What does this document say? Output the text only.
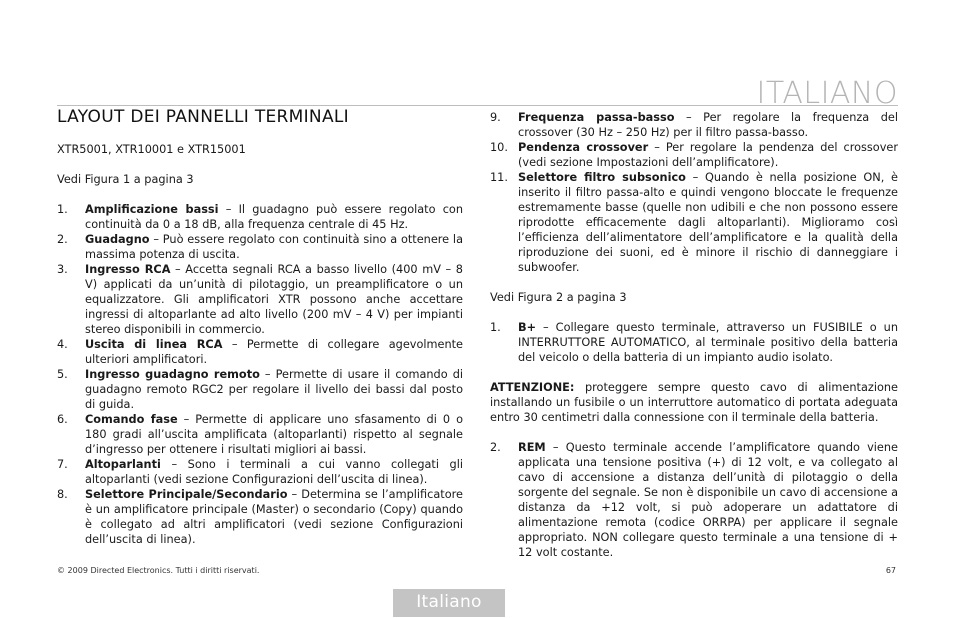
ITALIANO
LAYOUT DEI PANNELLI TERMINALI

XTR5001, XTR10001 e XTR15001

Vedi Figura 1 a pagina 3

1. Amplificazione bassi – Il guadagno può essere regolato con continuità da 0 a 18 dB, alla frequenza centrale di 45 Hz.
2. Guadagno – Può essere regolato con continuità sino a ottenere la massima potenza di uscita.
3. Ingresso RCA – Accetta segnali RCA a basso livello (400 mV – 8 V) applicati da un’unità di pilotaggio, un preamplificatore o un equalizzatore. Gli amplificatori XTR possono anche accettare ingressi di altoparlante ad alto livello (200 mV – 4 V) per impianti stereo disponibili in commercio.
4. Uscita di linea RCA – Permette di collegare agevolmente ulteriori amplificatori.
5. Ingresso guadagno remoto – Permette di usare il comando di guadagno remoto RGC2 per regolare il livello dei bassi dal posto di guida.
6. Comando fase – Permette di applicare uno sfasamento di 0 o 180 gradi all’uscita amplificata (altoparlanti) rispetto al segnale d’ingresso per ottenere i risultati migliori ai bassi.
7. Altoparlanti – Sono i terminali a cui vanno collegati gli altoparlanti (vedi sezione Configurazioni dell’uscita di linea).
8. Selettore Principale/Secondario – Determina se l’amplificatore è un amplificatore principale (Master) o secondario (Copy) quando è collegato ad altri amplificatori (vedi sezione Configurazioni dell’uscita di linea).
9. Frequenza passa-basso – Per regolare la frequenza del crossover (30 Hz – 250 Hz) per il filtro passa-basso.
10. Pendenza crossover – Per regolare la pendenza del crossover (vedi sezione Impostazioni dell’amplificatore).
11. Selettore filtro subsonico – Quando è nella posizione ON, è inserito il filtro passa-alto e quindi vengono bloccate le frequenze estremamente basse (quelle non udibili e che non possono essere riprodotte efficacemente dagli altoparlanti). Miglioramo così l’efficienza dell’alimentatore dell’amplificatore e la qualità della riproduzione dei suoni, ed è minore il rischio di danneggiare i subwoofer.

Vedi Figura 2 a pagina 3

1. B+ – Collegare questo terminale, attraverso un FUSIBILE o un INTERRUTTORE AUTOMATICO, al terminale positivo della batteria del veicolo o della batteria di un impianto audio isolato.

ATTENZIONE: proteggere sempre questo cavo di alimentazione installando un fusibile o un interruttore automatico di portata adeguata entro 30 centimetri dalla connessione con il terminale della batteria.

2. REM – Questo terminale accende l’amplificatore quando viene applicata una tensione positiva (+) di 12 volt, e va collegato al cavo di accensione a distanza dell’unità di pilotaggio o della sorgente del segnale. Se non è disponibile un cavo di accensione a distanza da +12 volt, si può adoperare un adattatore di alimentazione remota (codice ORRPA) per applicare il segnale appropriato. NON collegare questo terminale a una tensione di + 12 volt costante.
© 2009 Directed Electronics. Tutti i diritti riservati.	67
Italiano
